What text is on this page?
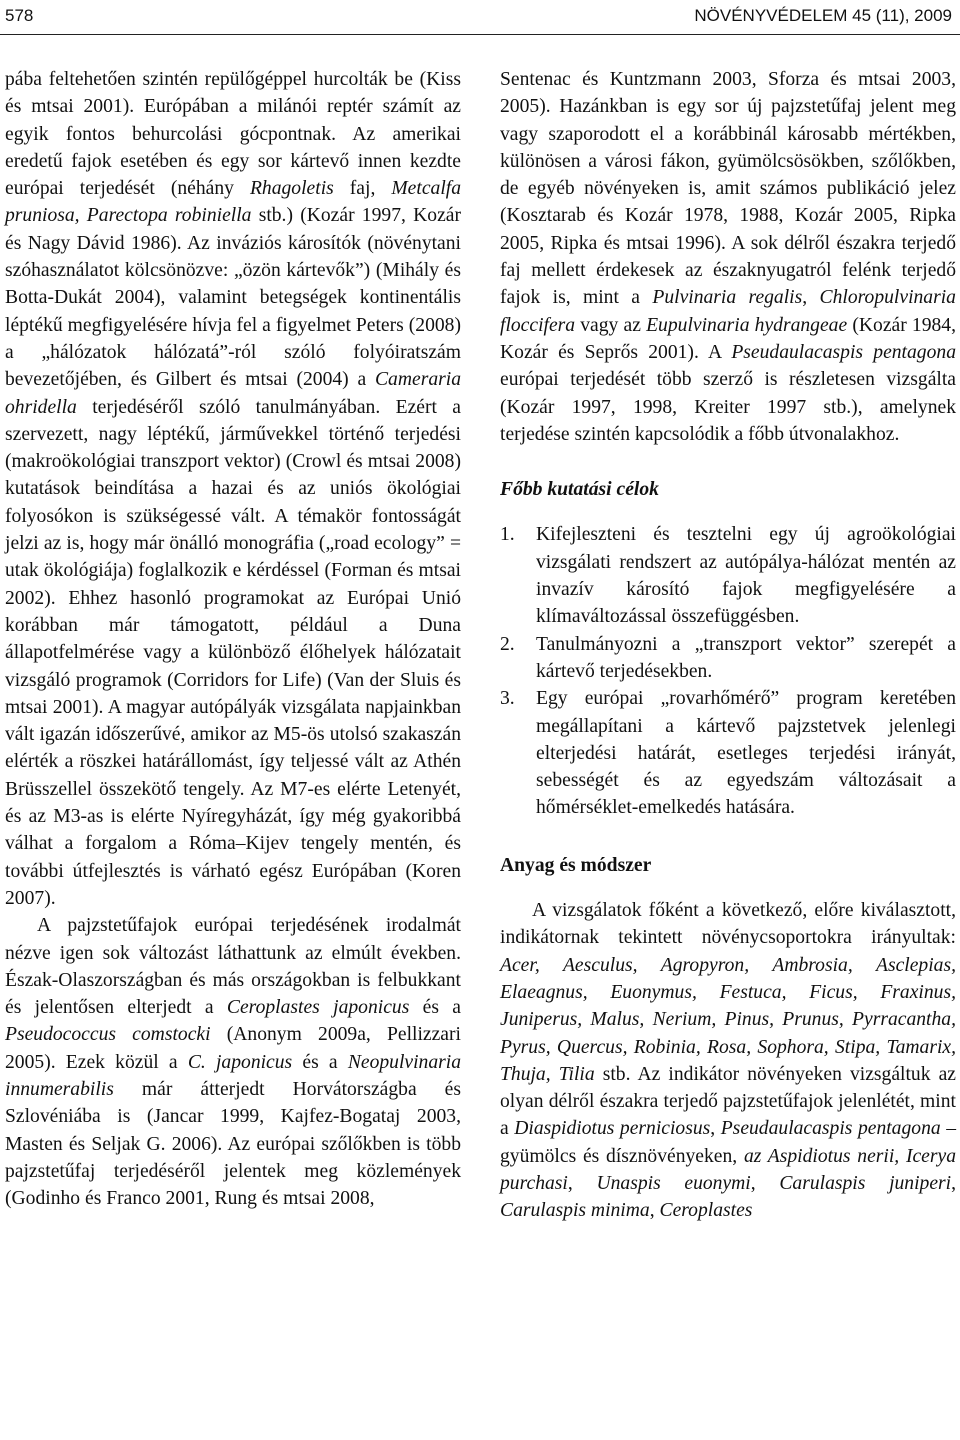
578	NÖVÉNYVÉDELEM 45 (11), 2009

pába feltehetően szintén repülőgéppel hurcolták be (Kiss és mtsai 2001). Európában a milánói reptér számít az egyik fontos behurcolási gócpontnak. Az amerikai eredetű fajok esetében és egy sor kártevő innen kezdte európai terjedését (néhány Rhagoletis faj, Metcalfa pruniosa, Parectopa robiniella stb.) (Kozár 1997, Kozár és Nagy Dávid 1986). Az inváziós károsítók (növénytani szóhasználatot kölcsönözve: „özön kártevők”) (Mihály és Botta-Dukát 2004), valamint betegségek kontinentális léptékű megfigyelésére hívja fel a figyelmet Peters (2008) a „hálózatok hálózatá”-ról szóló folyóiratszám bevezetőjében, és Gilbert és mtsai (2004) a Cameraria ohridella terjedéséről szóló tanulmányában. Ezért a szervezett, nagy léptékű, járművekkel történő terjedési (makroökológiai transzport vektor) (Crowl és mtsai 2008) kutatások beindítása a hazai és az uniós ökológiai folyosókon is szükségessé vált. A témakör fontosságát jelzi az is, hogy már önálló monográfia („road ecology” = utak ökológiája) foglalkozik e kérdéssel (Forman és mtsai 2002). Ehhez hasonló programokat az Európai Unió korábban már támogatott, például a Duna állapotfelmérése vagy a különböző élőhelyek hálózatait vizsgáló programok (Corridors for Life) (Van der Sluis és mtsai 2001). A magyar autópályák vizsgálata napjainkban vált igazán időszerűvé, amikor az M5-ös utolsó szakaszán elérték a röszkei határállomást, így teljessé vált az Athén Brüsszellel összekötő tengely. Az M7-es elérte Letenyét, és az M3-as is elérte Nyíregyházát, így még gyakoribbá válhat a forgalom a Róma–Kijev tengely mentén, és további útfejlesztés is várható egész Európában (Koren 2007).

A pajzstetűfajok európai terjedésének irodalmát nézve igen sok változást láthattunk az elmúlt években. Észak-Olaszországban és más országokban is felbukkant és jelentősen elterjedt a Ceroplastes japonicus és a Pseudococcus comstocki (Anonym 2009a, Pellizzari 2005). Ezek közül a C. japonicus és a Neopulvinaria innumerabilis már átterjedt Horvátországba és Szlovéniába is (Jancar 1999, Kajfez-Bogataj 2003, Masten és Seljak G. 2006). Az európai szőlőkben is több pajzstetűfaj terjedéséről jelentek meg közlemények (Godinho és Franco 2001, Rung és mtsai 2008,

Sentenac és Kuntzmann 2003, Sforza és mtsai 2003, 2005). Hazánkban is egy sor új pajzstetűfaj jelent meg vagy szaporodott el a korábbinál károsabb mértékben, különösen a városi fákon, gyümölcsösökben, szőlőkben, de egyéb növényeken is, amit számos publikáció jelez (Kosztarab és Kozár 1978, 1988, Kozár 2005, Ripka 2005, Ripka és mtsai 1996). A sok délről északra terjedő faj mellett érdekesek az északnyugatról felénk terjedő fajok is, mint a Pulvinaria regalis, Chloropulvinaria floccifera vagy az Eupulvinaria hydrangeae (Kozár 1984, Kozár és Seprős 2001). A Pseudaulacaspis pentagona európai terjedését több szerző is részletesen vizsgálta (Kozár 1997, 1998, Kreiter 1997 stb.), amelynek terjedése szintén kapcsolódik a főbb útvonalakhoz.

Főbb kutatási célok
1. Kifejleszteni és tesztelni egy új agroökológiai vizsgálati rendszert az autópálya-hálózat mentén az invazív károsító fajok megfigyelésére a klímaváltozással összefüggésben.
2. Tanulmányozni a „transzport vektor” szerepét a kártevő terjedésekben.
3. Egy európai „rovarhőmérő” program keretében megállapítani a kártevő pajzstetvek jelenlegi elterjedési határát, esetleges terjedési irányát, sebességét és az egyedszám változásait a hőmérséklet-emelkedés hatására.
Anyag és módszer

A vizsgálatok főként a következő, előre kiválasztott, indikátornak tekintett növénycsoportokra irányultak: Acer, Aesculus, Agropyron, Ambrosia, Asclepias, Elaeagnus, Euonymus, Festuca, Ficus, Fraxinus, Juniperus, Malus, Nerium, Pinus, Prunus, Pyrracantha, Pyrus, Quercus, Robinia, Rosa, Sophora, Stipa, Tamarix, Thuja, Tilia stb. Az indikátor növényeken vizsgáltuk az olyan délről északra terjedő pajzstetűfajok jelenlétét, mint a Diaspidiotus perniciosus, Pseudaulacaspis pentagona – gyümölcs és dísznövényeken, az Aspidiotus nerii, Icerya purchasi, Unaspis euonymi, Carulaspis juniperi, Carulaspis minima, Ceroplastes
